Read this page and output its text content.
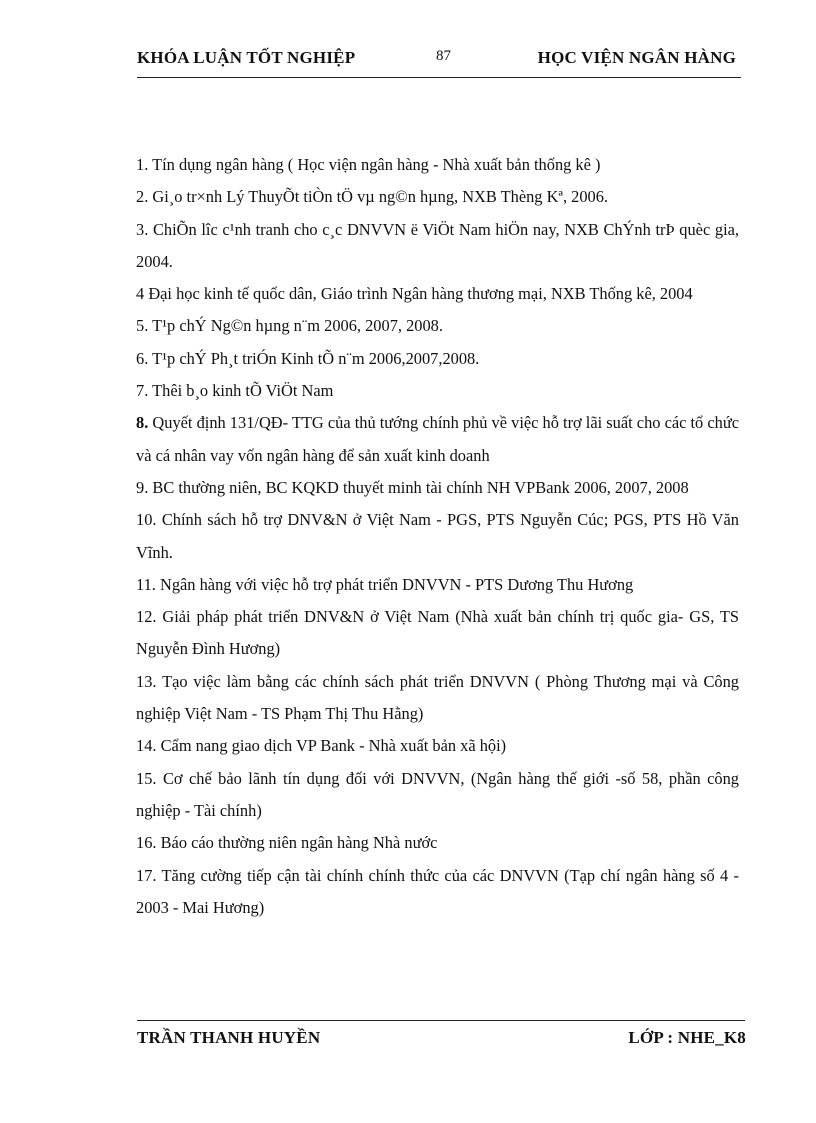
KHÓA LUẬN TỐT NGHIỆP	87	HỌC VIỆN NGÂN HÀNG

1. Tín dụng ngân hàng ( Học viện ngân hàng - Nhà xuất bản thống kê )

2. Gi¸o tr×nh Lý ThuyÕt tiÒn tÖ vµ ng©n hµng, NXB Thèng Kª, 2006.

3. ChiÕn lîc c¹nh tranh cho c¸c DNVVN ë ViÖt Nam hiÖn nay, NXB ChÝnh trÞ quèc gia, 2004.

4 Đại học kinh tế quốc dân, Giáo trình Ngân hàng thương mại, NXB Thống kê, 2004

5. T¹p chÝ Ng©n hµng n¨m 2006, 2007, 2008.

6. T¹p chÝ Ph¸t triÓn Kinh tÕ n¨m 2006,2007,2008.

7. Thêi b¸o kinh tÕ ViÖt Nam

8. Quyết định 131/QĐ- TTG của thủ tướng chính phủ về việc hỗ trợ lãi suất cho các tổ chức và cá nhân vay vốn ngân hàng để sản xuất kinh doanh

9. BC thường niên, BC KQKD thuyết minh tài chính NH VPBank 2006, 2007, 2008

10. Chính sách hỗ trợ DNV&N ở Việt Nam - PGS, PTS Nguyễn Cúc; PGS, PTS Hồ Văn Vĩnh.

11. Ngân hàng với việc hỗ trợ phát triển DNVVN - PTS Dương Thu Hương

12. Giải pháp phát triển DNV&N ở Việt Nam (Nhà xuất bản chính trị quốc gia- GS, TS Nguyễn Đình Hương)

13. Tạo việc làm bằng các chính sách phát triển DNVVN ( Phòng Thương mại và Công nghiệp Việt Nam - TS Phạm Thị Thu Hằng)

14. Cẩm nang giao dịch VP Bank - Nhà xuất bản xã hội)

15. Cơ chế bảo lãnh tín dụng đối với DNVVN, (Ngân hàng thế giới -số 58, phần công nghiệp - Tài chính)

16. Báo cáo thường niên ngân hàng Nhà nước

17. Tăng cường tiếp cận tài chính chính thức của các DNVVN (Tạp chí ngân hàng số 4 - 2003 - Mai Hương)

TRẦN THANH HUYỀN	LỚP : NHE_K8
